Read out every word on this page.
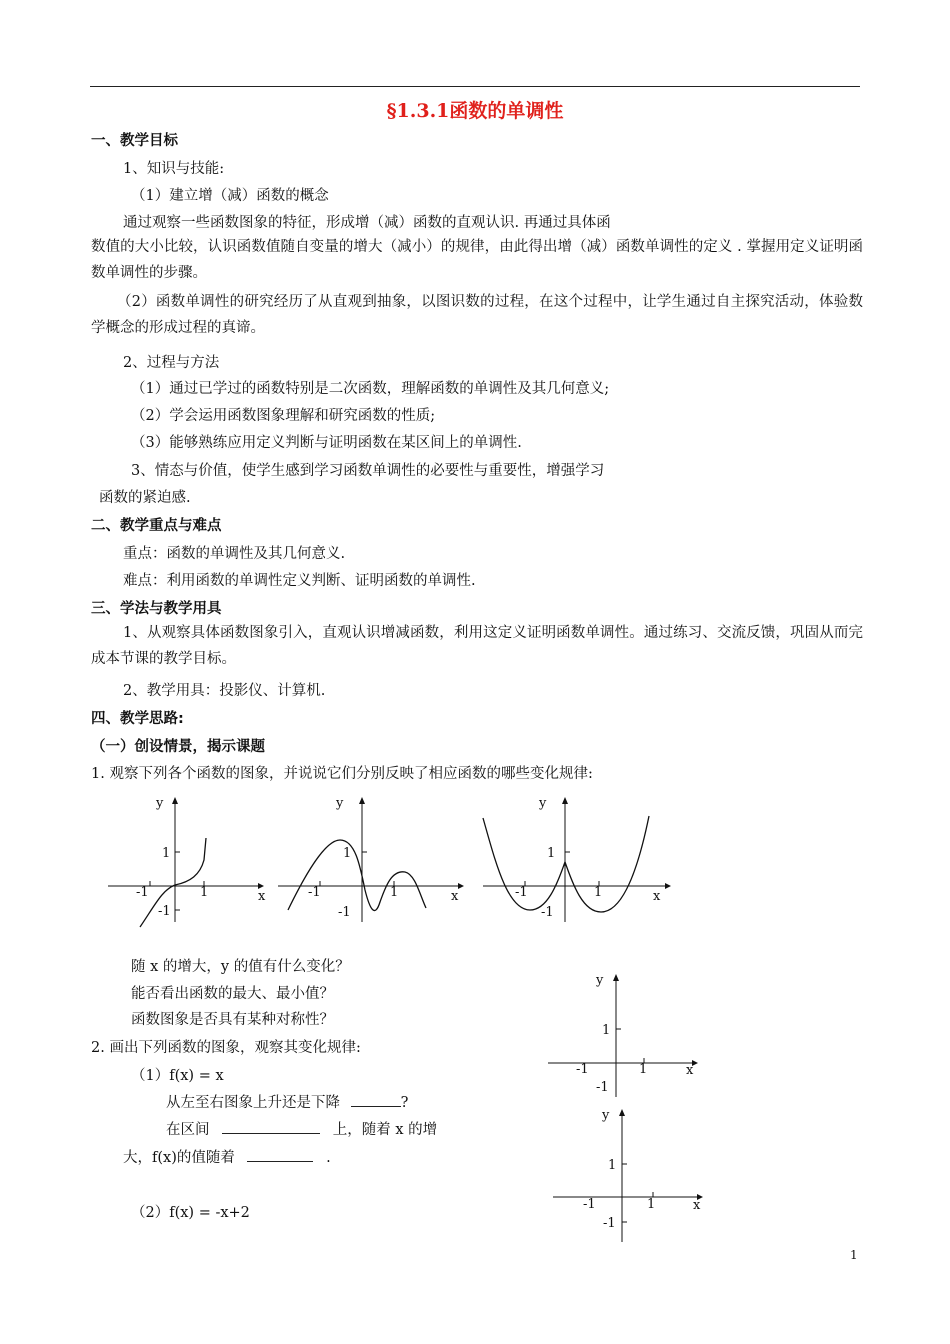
§1.3.1函数的单调性
一、教学目标
1、知识与技能:
（1）建立增（减）函数的概念
通过观察一些函数图象的特征，形成增（减）函数的直观认识. 再通过具体函
数值的大小比较，认识函数值随自变量的增大（减小）的规律，由此得出增（减）函数单调性的定义 . 掌握用定义证明函数单调性的步骤。
（2）函数单调性的研究经历了从直观到抽象，以图识数的过程，在这个过程中，让学生通过自主探究活动，体验数学概念的形成过程的真谛。
2、过程与方法
（1）通过已学过的函数特别是二次函数，理解函数的单调性及其几何意义;
（2）学会运用函数图象理解和研究函数的性质;
（3）能够熟练应用定义判断与证明函数在某区间上的单调性.
3、情态与价值，使学生感到学习函数单调性的必要性与重要性，增强学习
函数的紧迫感.
二、教学重点与难点
重点：函数的单调性及其几何意义.
难点：利用函数的单调性定义判断、证明函数的单调性.
三、学法与教学用具
1、从观察具体函数图象引入，直观认识增减函数，利用这定义证明函数单调性。通过练习、交流反馈，巩固从而完成本节课的教学目标。
2、教学用具：投影仪、计算机.
四、教学思路:
（一）创设情景，揭示课题
1. 观察下列各个函数的图象，并说说它们分别反映了相应函数的哪些变化规律:
y
x
1
-1
-1	1
y
x
1
-1
-1	1
y
x
1
-1
-1	1
随 x 的增大，y 的值有什么变化？
能否看出函数的最大、最小值？
函数图象是否具有某种对称性？
2. 画出下列函数的图象，观察其变化规律:
（1）f(x) = x
从左至右图象上升还是下降	?
在区间	上，随着 x 的增
大，f(x)的值随着	.
（2）f(x) = -x+2
y
x
1
-1
-1	1
y
x
1
-1
-1	1
1
